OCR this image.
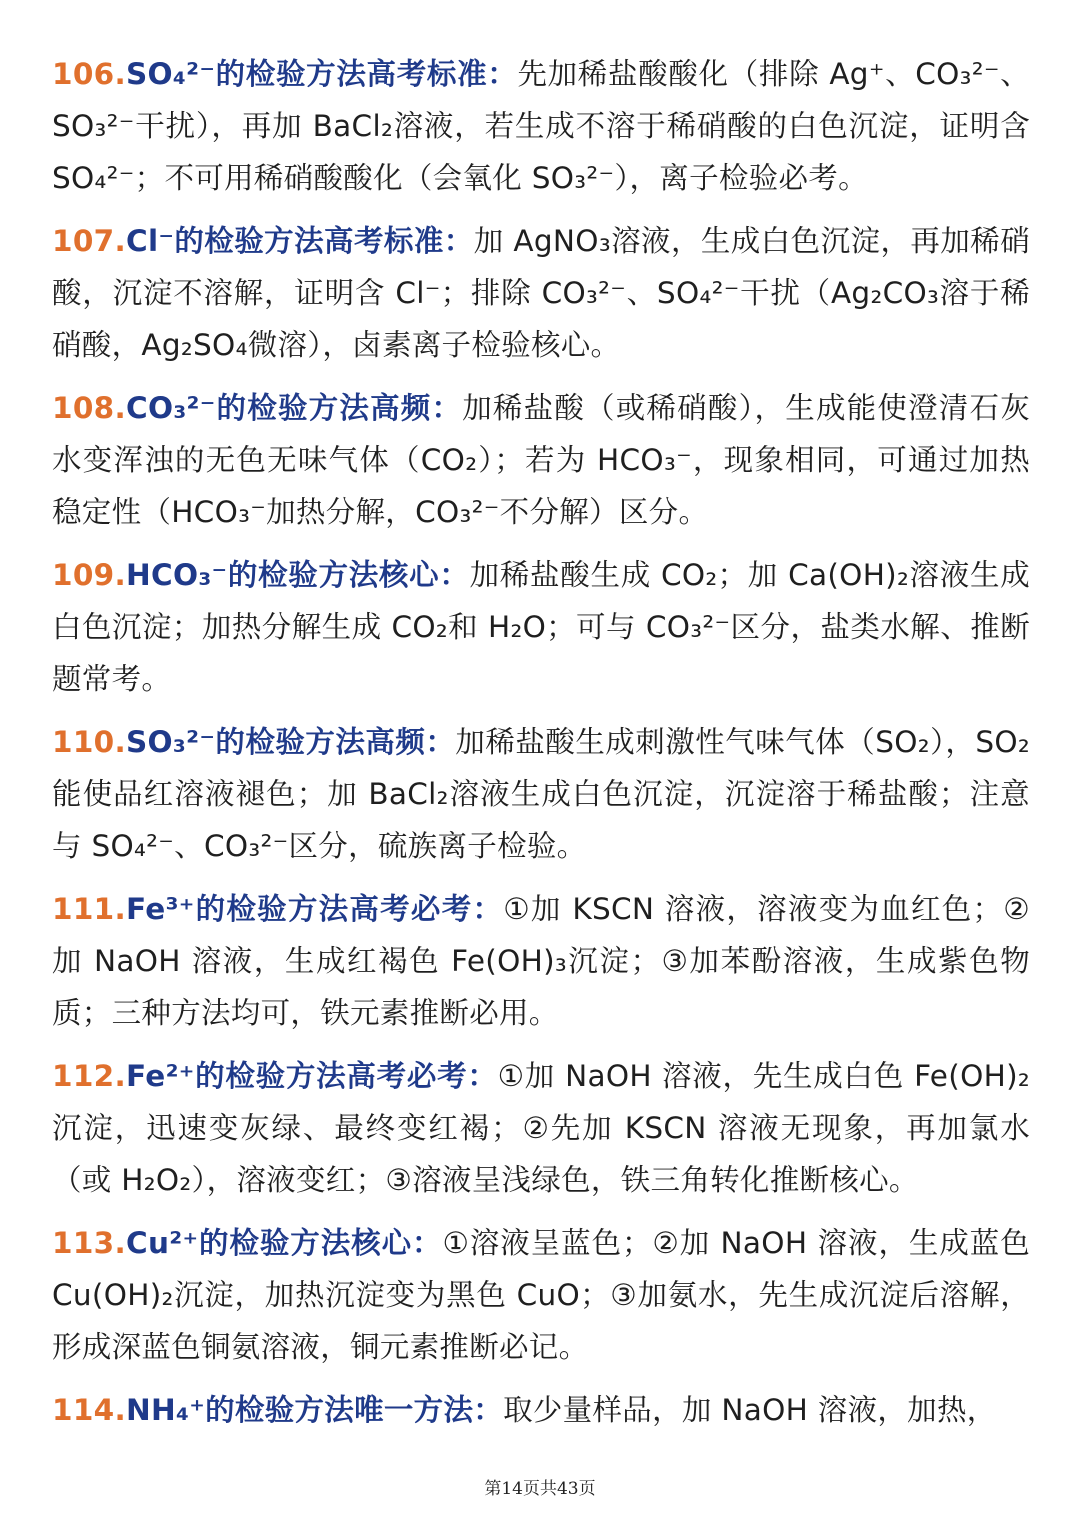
106.SO₄²⁻的检验方法高考标准：先加稀盐酸酸化（排除 Ag⁺、CO₃²⁻、SO₃²⁻干扰），再加 BaCl₂溶液，若生成不溶于稀硝酸的白色沉淀，证明含 SO₄²⁻；不可用稀硝酸酸化（会氧化 SO₃²⁻），离子检验必考。

107.Cl⁻的检验方法高考标准：加 AgNO₃溶液，生成白色沉淀，再加稀硝酸，沉淀不溶解，证明含 Cl⁻；排除 CO₃²⁻、SO₄²⁻干扰（Ag₂CO₃溶于稀硝酸，Ag₂SO₄微溶），卤素离子检验核心。

108.CO₃²⁻的检验方法高频：加稀盐酸（或稀硝酸），生成能使澄清石灰水变浑浊的无色无味气体（CO₂）；若为 HCO₃⁻，现象相同，可通过加热稳定性（HCO₃⁻加热分解，CO₃²⁻不分解）区分。

109.HCO₃⁻的检验方法核心：加稀盐酸生成 CO₂；加 Ca(OH)₂溶液生成白色沉淀；加热分解生成 CO₂和 H₂O；可与 CO₃²⁻区分，盐类水解、推断题常考。

110.SO₃²⁻的检验方法高频：加稀盐酸生成刺激性气味气体（SO₂），SO₂能使品红溶液褪色；加 BaCl₂溶液生成白色沉淀，沉淀溶于稀盐酸；注意与 SO₄²⁻、CO₃²⁻区分，硫族离子检验。

111.Fe³⁺的检验方法高考必考：①加 KSCN 溶液，溶液变为血红色；②加 NaOH 溶液，生成红褐色 Fe(OH)₃沉淀；③加苯酚溶液，生成紫色物质；三种方法均可，铁元素推断必用。

112.Fe²⁺的检验方法高考必考：①加 NaOH 溶液，先生成白色 Fe(OH)₂沉淀，迅速变灰绿、最终变红褐；②先加 KSCN 溶液无现象，再加氯水（或 H₂O₂），溶液变红；③溶液呈浅绿色，铁三角转化推断核心。

113.Cu²⁺的检验方法核心：①溶液呈蓝色；②加 NaOH 溶液，生成蓝色 Cu(OH)₂沉淀，加热沉淀变为黑色 CuO；③加氨水，先生成沉淀后溶解，形成深蓝色铜氨溶液，铜元素推断必记。

114.NH₄⁺的检验方法唯一方法：取少量样品，加 NaOH 溶液，加热，

第14页共43页
